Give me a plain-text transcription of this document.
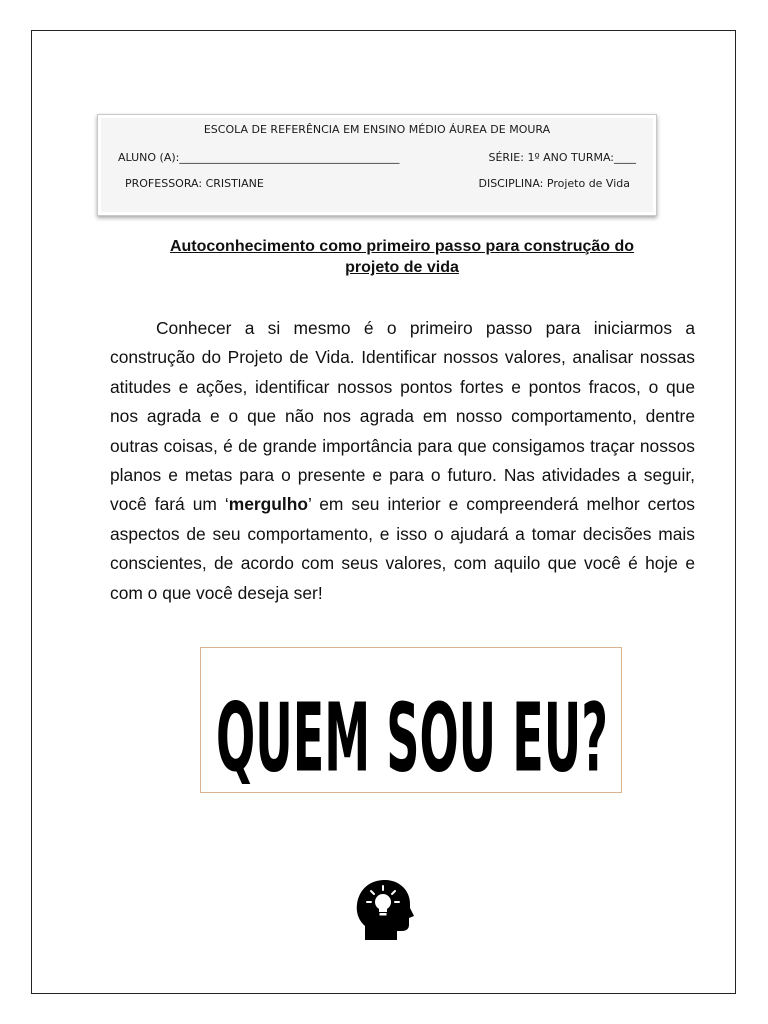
ESCOLA DE REFERÊNCIA EM ENSINO MÉDIO ÁUREA DE MOURA
ALUNO (A):________________________________________	SÉRIE: 1º ANO TURMA:____
PROFESSORA: CRISTIANE	DISCIPLINA: Projeto de Vida
Autoconhecimento como primeiro passo para construção do
projeto de vida

Conhecer a si mesmo é o primeiro passo para iniciarmos a construção do Projeto de Vida. Identificar nossos valores, analisar nossas atitudes e ações, identificar nossos pontos fortes e pontos fracos, o que nos agrada e o que não nos agrada em nosso comportamento, dentre outras coisas, é de grande importância para que consigamos traçar nossos planos e metas para o presente e para o futuro. Nas atividades a seguir, você fará um ‘mergulho’ em seu interior e compreenderá melhor certos aspectos de seu comportamento, e isso o ajudará a tomar decisões mais conscientes, de acordo com seus valores, com aquilo que você é hoje e com o que você deseja ser!

QUEM SOU EU?
